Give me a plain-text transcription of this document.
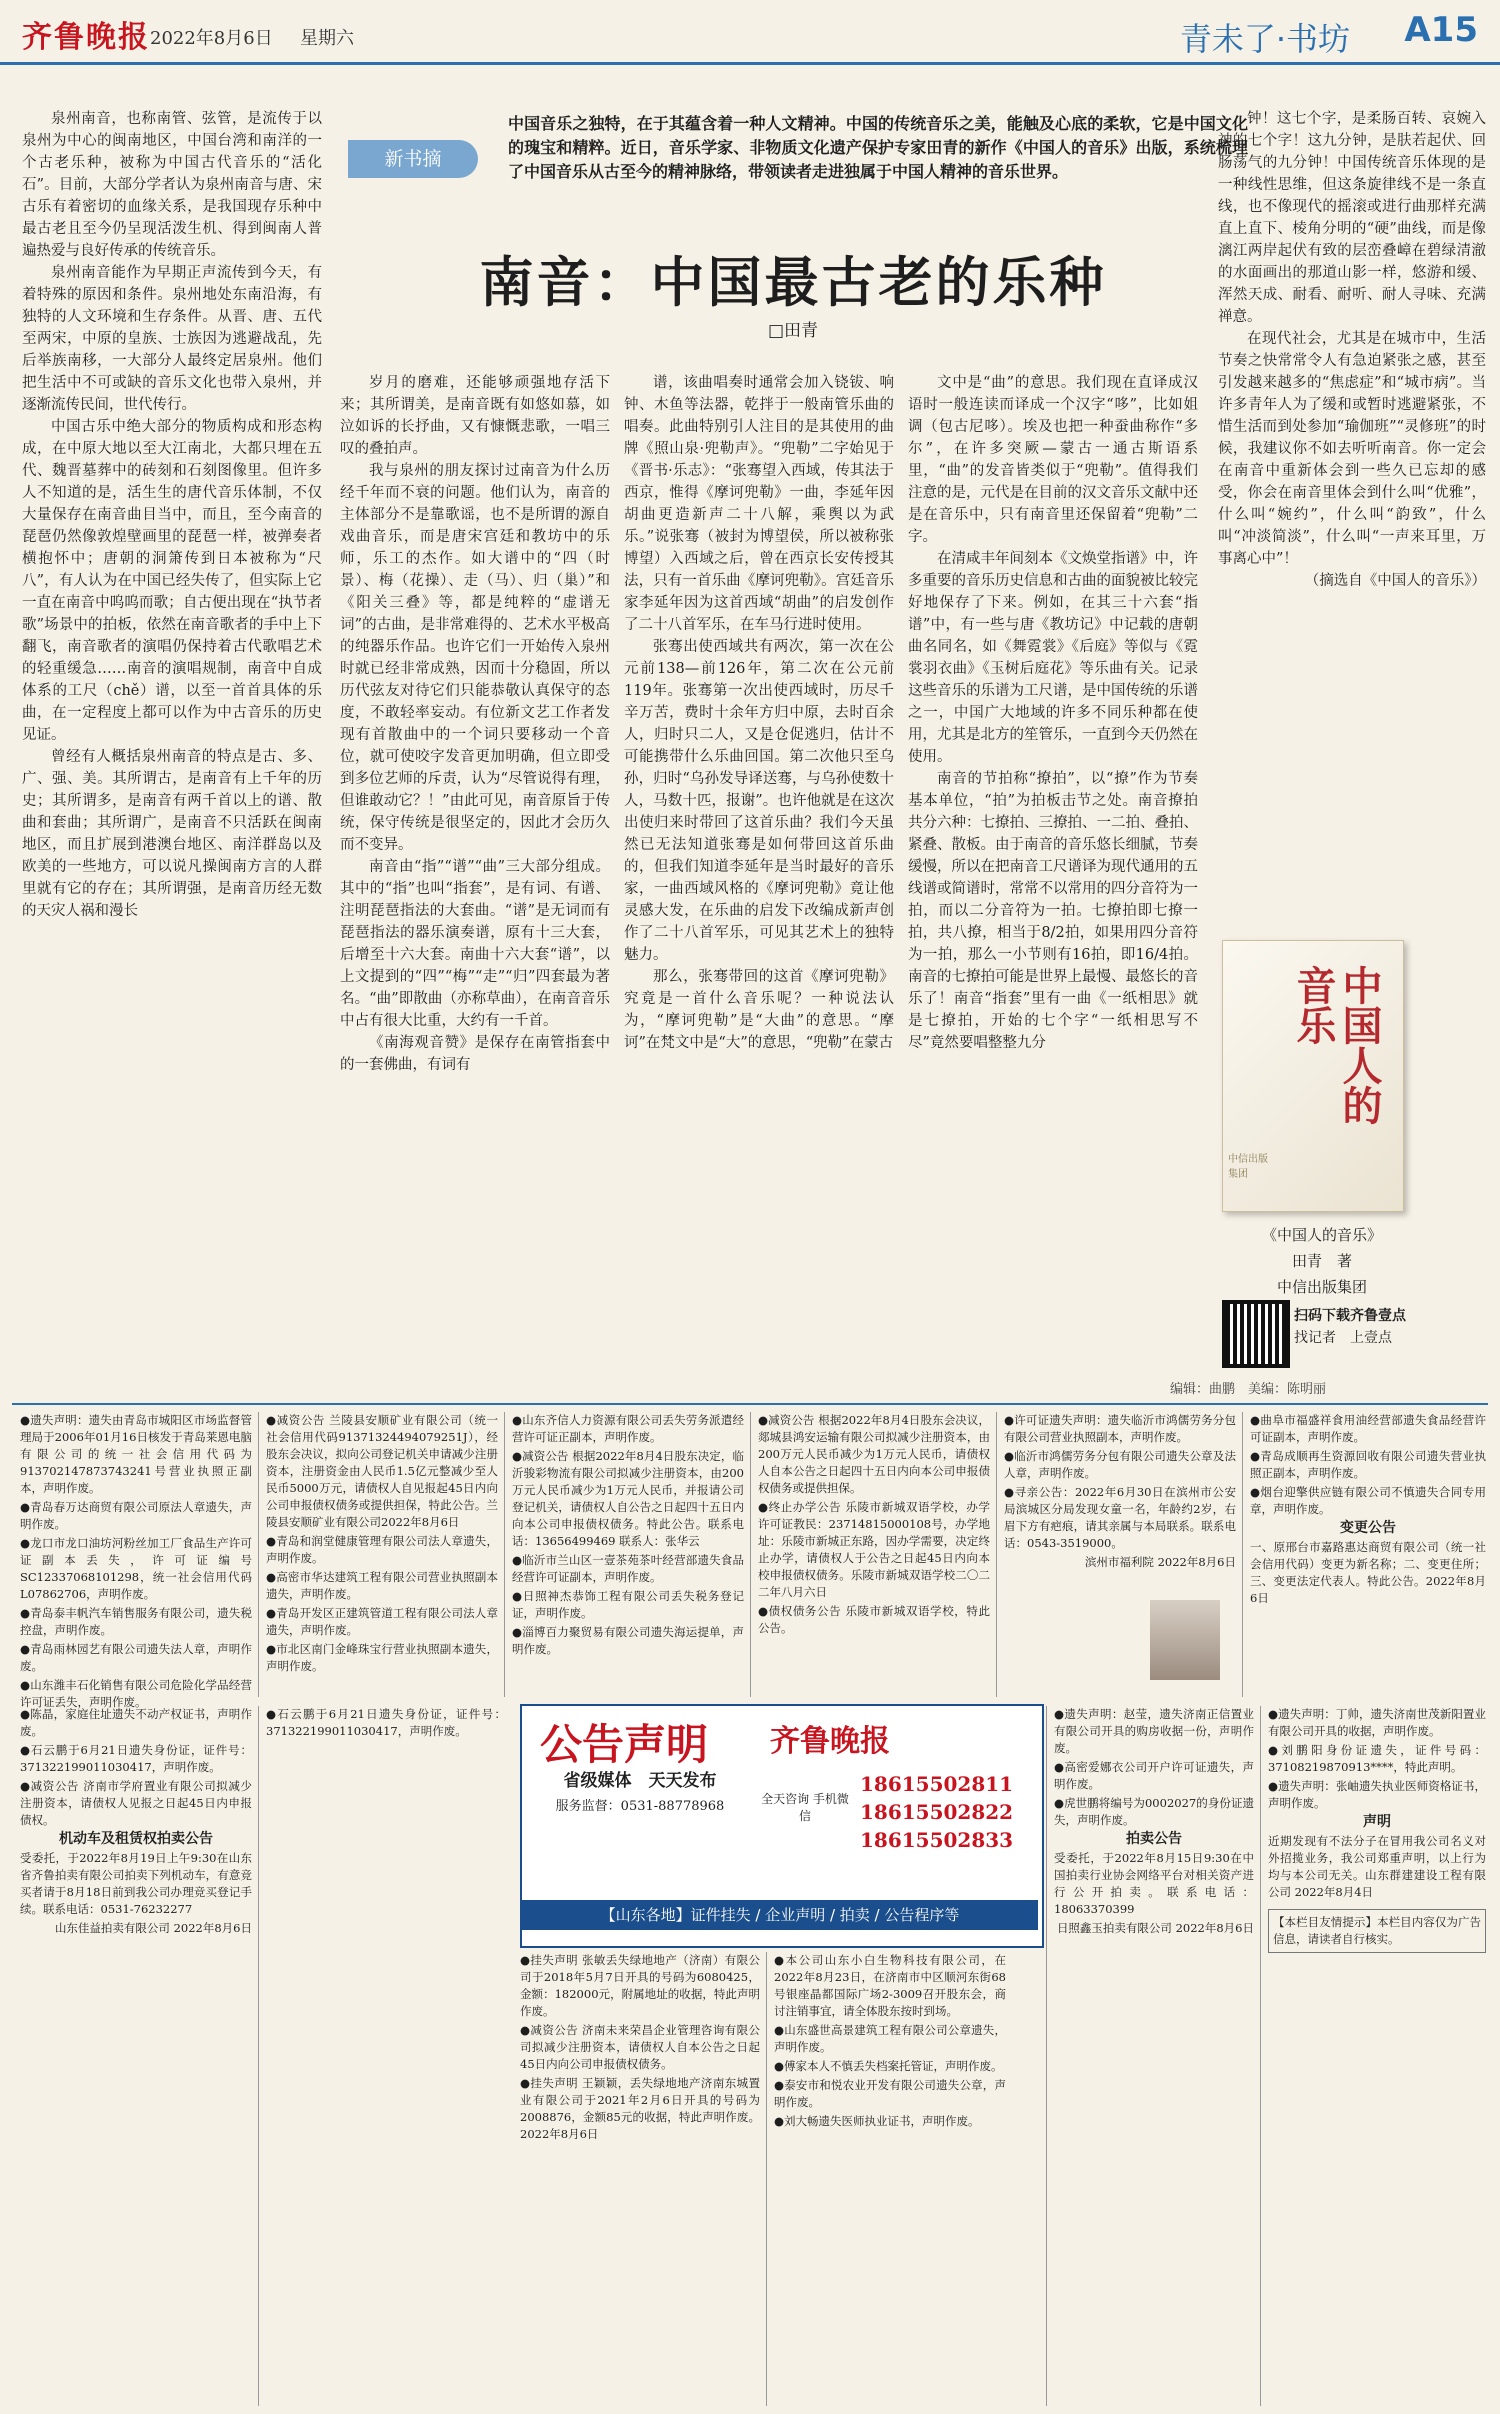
齐鲁晚报 2022年8月6日 星期六	青未了·书坊 A15
新书摘
中国音乐之独特，在于其蕴含着一种人文精神。中国的传统音乐之美，能触及心底的柔软，它是中国文化的瑰宝和精粹。近日，音乐学家、非物质文化遗产保护专家田青的新作《中国人的音乐》出版，系统梳理了中国音乐从古至今的精神脉络，带领读者走进独属于中国人精神的音乐世界。
南音：中国最古老的乐种
□田青

泉州南音，也称南管、弦管，是流传于以泉州为中心的闽南地区，中国台湾和南洋的一个古老乐种，被称为中国古代音乐的“活化石”。目前，大部分学者认为泉州南音与唐、宋古乐有着密切的血缘关系，是我国现存乐种中最古老且至今仍呈现活泼生机、得到闽南人普遍热爱与良好传承的传统音乐。

泉州南音能作为早期正声流传到今天，有着特殊的原因和条件。泉州地处东南沿海，有独特的人文环境和生存条件。从晋、唐、五代至两宋，中原的皇族、士族因为逃避战乱，先后举族南移，一大部分人最终定居泉州。他们把生活中不可或缺的音乐文化也带入泉州，并逐渐流传民间，世代传行。

中国古乐中绝大部分的物质构成和形态构成，在中原大地以至大江南北，大都只埋在五代、魏晋墓葬中的砖刻和石刻图像里。但许多人不知道的是，活生生的唐代音乐体制，不仅大量保存在南音曲目当中，而且，至今南音的琵琶仍然像敦煌壁画里的琵琶一样，被弹奏者横抱怀中；唐朝的洞箫传到日本被称为“尺八”，有人认为在中国已经失传了，但实际上它一直在南音中呜呜而歌；自古便出现在“执节者歌”场景中的拍板，依然在南音歌者的手中上下翻飞，南音歌者的演唱仍保持着古代歌唱艺术的轻重缓急……南音的演唱规制，南音中自成体系的工尺（chě）谱，以至一首首具体的乐曲，在一定程度上都可以作为中古音乐的历史见证。

曾经有人概括泉州南音的特点是古、多、广、强、美。其所谓古，是南音有上千年的历史；其所谓多，是南音有两千首以上的谱、散曲和套曲；其所谓广，是南音不只活跃在闽南地区，而且扩展到港澳台地区、南洋群岛以及欧美的一些地方，可以说凡操闽南方言的人群里就有它的存在；其所谓强，是南音历经无数的天灾人祸和漫长

岁月的磨难，还能够顽强地存活下来；其所谓美，是南音既有如悠如慕，如泣如诉的长抒曲，又有慷慨悲歌，一唱三叹的叠拍声。

我与泉州的朋友探讨过南音为什么历经千年而不衰的问题。他们认为，南音的主体部分不是靠歌谣，也不是所谓的源自戏曲音乐，而是唐宋宫廷和教坊中的乐师，乐工的杰作。如大谱中的“四（时景）、梅（花操）、走（马）、归（巢）”和《阳关三叠》等，都是纯粹的“虚谱无词”的古曲，是非常难得的、艺术水平极高的纯器乐作品。也许它们一开始传入泉州时就已经非常成熟，因而十分稳固，所以历代弦友对待它们只能恭敬认真保守的态度，不敢轻率妄动。有位新文艺工作者发现有首散曲中的一个词只要移动一个音位，就可使咬字发音更加明确，但立即受到多位艺师的斥责，认为“尽管说得有理，但谁敢动它？！”由此可见，南音原旨于传统，保守传统是很坚定的，因此才会历久而不变异。

南音由“指”“谱”“曲”三大部分组成。其中的“指”也叫“指套”，是有词、有谱、注明琵琶指法的大套曲。“谱”是无词而有琵琶指法的器乐演奏谱，原有十三大套，后增至十六大套。南曲十六大套“谱”，以上文提到的“四”“梅”“走”“归”四套最为著名。“曲”即散曲（亦称草曲），在南音音乐中占有很大比重，大约有一千首。

《南海观音赞》是保存在南管指套中的一套佛曲，有词有

谱，该曲唱奏时通常会加入铙钹、响钟、木鱼等法器，乾拌于一般南管乐曲的唱奏。此曲特别引人注目的是其使用的曲牌《照山泉·兜勒声》。“兜勒”二字始见于《晋书·乐志》：“张骞望入西域，传其法于西京，惟得《摩诃兜勒》一曲，李延年因胡曲更造新声二十八解，乘舆以为武乐。”说张骞（被封为博望侯，所以被称张博望）入西域之后，曾在西京长安传授其法，只有一首乐曲《摩诃兜勒》。宫廷音乐家李延年因为这首西域“胡曲”的启发创作了二十八首军乐，在车马行进时使用。

张骞出使西域共有两次，第一次在公元前138—前126年，第二次在公元前119年。张骞第一次出使西域时，历尽千辛万苦，费时十余年方归中原，去时百余人，归时只二人，又是仓促逃归，估计不可能携带什么乐曲回国。第二次他只至乌孙，归时“乌孙发导译送骞，与乌孙使数十人，马数十匹，报谢”。也许他就是在这次出使归来时带回了这首乐曲？我们今天虽然已无法知道张骞是如何带回这首乐曲的，但我们知道李延年是当时最好的音乐家，一曲西域风格的《摩诃兜勒》竟让他灵感大发，在乐曲的启发下改编成新声创作了二十八首军乐，可见其艺术上的独特魅力。

那么，张骞带回的这首《摩诃兜勒》究竟是一首什么音乐呢？一种说法认为，“摩诃兜勒”是“大曲”的意思。“摩诃”在梵文中是“大”的意思，“兜勒”在蒙古

文中是“曲”的意思。我们现在直译成汉语时一般连读而译成一个汉字“哆”，比如姐调（包古尼哆）。埃及也把一种蚕曲称作“多尔”，在许多突厥—蒙古一通古斯语系里，“曲”的发音皆类似于“兜勒”。值得我们注意的是，元代是在目前的汉文音乐文献中还是在音乐中，只有南音里还保留着“兜勒”二字。

在清咸丰年间刻本《文焕堂指谱》中，许多重要的音乐历史信息和古曲的面貌被比较完好地保存了下来。例如，在其三十六套“指谱”中，有一些与唐《教坊记》中记载的唐朝曲名同名，如《舞霓裳》《后庭》等似与《霓裳羽衣曲》《玉树后庭花》等乐曲有关。记录这些音乐的乐谱为工尺谱，是中国传统的乐谱之一，中国广大地域的许多不同乐种都在使用，尤其是北方的笙管乐，一直到今天仍然在使用。

南音的节拍称“撩拍”，以“撩”作为节奏基本单位，“拍”为拍板击节之处。南音撩拍共分六种：七撩拍、三撩拍、一二拍、叠拍、紧叠、散板。由于南音的音乐悠长细腻，节奏缓慢，所以在把南音工尺谱译为现代通用的五线谱或简谱时，常常不以常用的四分音符为一拍，而以二分音符为一拍。七撩拍即七撩一拍，共八撩，相当于8/2拍，如果用四分音符为一拍，那么一小节则有16拍，即16/4拍。南音的七撩拍可能是世界上最慢、最悠长的音乐了！南音“指套”里有一曲《一纸相思》就是七撩拍，开始的七个字“一纸相思写不尽”竟然要唱整整九分

钟！这七个字，是柔肠百转、哀婉入神的七个字！这九分钟，是肤若起伏、回肠荡气的九分钟！中国传统音乐体现的是一种线性思维，但这条旋律线不是一条直线，也不像现代的摇滚或进行曲那样充满直上直下、棱角分明的“硬”曲线，而是像漓江两岸起伏有致的层峦叠嶂在碧绿清澈的水面画出的那道山影一样，悠游和缓、浑然天成、耐看、耐听、耐人寻味、充满禅意。

在现代社会，尤其是在城市中，生活节奏之快常常令人有急迫紧张之感，甚至引发越来越多的“焦虑症”和“城市病”。当许多青年人为了缓和或暂时逃避紧张，不惜生活而到处参加“瑜伽班”“灵修班”的时候，我建议你不如去听听南音。你一定会在南音中重新体会到一些久已忘却的感受，你会在南音里体会到什么叫“优雅”，什么叫“婉约”，什么叫“韵致”，什么叫“冲淡简淡”，什么叫“一声来耳里，万事离心中”！

（摘选自《中国人的音乐》）

中国人的音乐
中信出版集团
《中国人的音乐》
田青　著
中信出版集团
扫码下载齐鲁壹点
找记者　上壹点
编辑：曲鹏　美编：陈明丽

●遗失声明：遗失由青岛市城阳区市场监督管理局于2006年01月16日核发于青岛莱恩电脑有限公司的统一社会信用代码为913702147873743241号营业执照正副本，声明作废。

●青岛春万达商贸有限公司原法人章遗失，声明作废。

●龙口市龙口油坊河粉丝加工厂食品生产许可证副本丢失，许可证编号SC12337068101298，统一社会信用代码L07862706，声明作废。

●青岛泰丰帆汽车销售服务有限公司，遗失税控盘，声明作废。

●青岛雨林园艺有限公司遗失法人章，声明作废。

●山东潍丰石化销售有限公司危险化学品经营许可证丢失，声明作废。

●减资公告 兰陵县安顺矿业有限公司（统一社会信用代码91371324494079251J），经股东会决议，拟向公司登记机关申请减少注册资本，注册资金由人民币1.5亿元整减少至人民币5000万元，请债权人自见报起45日内向公司申报债权债务或提供担保，特此公告。兰陵县安顺矿业有限公司2022年8月6日

●青岛和润堂健康管理有限公司法人章遗失，声明作废。

●高密市华达建筑工程有限公司营业执照副本遗失，声明作废。

●青岛开发区正建筑管道工程有限公司法人章遗失，声明作废。

●市北区南门金峰珠宝行营业执照副本遗失，声明作废。

●山东齐信人力资源有限公司丢失劳务派遣经营许可证正副本，声明作废。

●减资公告 根据2022年8月4日股东决定，临沂骏彩物流有限公司拟减少注册资本，由200万元人民币减少为1万元人民币，并报请公司登记机关，请债权人自公告之日起四十五日内向本公司申报债权债务。特此公告。联系电话：13656499469 联系人：张华云

●临沂市兰山区一壹茶苑茶叶经营部遗失食品经营许可证副本，声明作废。

●日照神杰恭饰工程有限公司丢失税务登记证，声明作废。

●淄博百力聚贸易有限公司遗失海运提单，声明作废。

●减资公告 根据2022年8月4日股东会决议，郯城县鸿安运输有限公司拟减少注册资本，由200万元人民币减少为1万元人民币，请债权人自本公告之日起四十五日内向本公司申报债权债务或提供担保。

●终止办学公告 乐陵市新城双语学校，办学许可证教民：23714815000108号，办学地址：乐陵市新城正东路，因办学需要，决定终止办学，请债权人于公告之日起45日内向本校申报债权债务。乐陵市新城双语学校二〇二二年八月六日

●债权债务公告 乐陵市新城双语学校，特此公告。

●许可证遗失声明：遗失临沂市鸿儒劳务分包有限公司营业执照副本，声明作废。

●临沂市鸿儒劳务分包有限公司遗失公章及法人章，声明作废。

●寻亲公告：2022年6月30日在滨州市公安局滨城区分局发现女童一名，年龄约2岁，右眉下方有疤痕，请其亲属与本局联系。联系电话：0543-3519000。

滨州市福利院 2022年8月6日

●曲阜市福盛祥食用油经营部遗失食品经营许可证副本，声明作废。

●青岛成顺再生资源回收有限公司遗失营业执照正副本，声明作废。

●烟台迎擎供应链有限公司不慎遗失合同专用章，声明作废。

变更公告

一、原邢台市嘉路惠达商贸有限公司（统一社会信用代码）变更为新名称；二、变更住所；三、变更法定代表人。特此公告。2022年8月6日

●陈晶，家庭住址遗失不动产权证书，声明作废。

●石云鹏于6月21日遗失身份证，证件号：371322199011030417，声明作废。

●减资公告 济南市学府置业有限公司拟减少注册资本，请债权人见报之日起45日内申报债权。

机动车及租赁权拍卖公告

受委托，于2022年8月19日上午9:30在山东省齐鲁拍卖有限公司拍卖下列机动车，有意竞买者请于8月18日前到我公司办理竞买登记手续。联系电话：0531-76232277

山东佳益拍卖有限公司 2022年8月6日

公告声明 齐鲁晚报
省级媒体　天天发布
服务监督：0531-88778968	全天咨询 手机微信
18615502811
18615502822
18615502833
【山东各地】证件挂失 / 企业声明 / 拍卖 / 公告程序等

●石云鹏于6月21日遗失身份证，证件号：371322199011030417，声明作废。

●挂失声明 张敏丢失绿地地产（济南）有限公司于2018年5月7日开具的号码为6080425，金额：182000元，附属地址的收据，特此声明作废。

●减资公告 济南未来荣昌企业管理咨询有限公司拟减少注册资本，请债权人自本公告之日起45日内向公司申报债权债务。

●挂失声明 王颖颖，丢失绿地地产济南东城置业有限公司于2021年2月6日开具的号码为2008876，金额85元的收据，特此声明作废。2022年8月6日

●本公司山东小白生物科技有限公司，在2022年8月23日，在济南市中区顺河东街68号银座晶都国际广场2-3009召开股东会，商讨注销事宜，请全体股东按时到场。

●山东盛世高景建筑工程有限公司公章遗失，声明作废。

●傅家本人不慎丢失档案托管证，声明作废。

●泰安市和悦农业开发有限公司遗失公章，声明作废。

●刘大畅遗失医师执业证书，声明作废。

●遗失声明：赵莹，遗失济南正信置业有限公司开具的购房收据一份，声明作废。

●高密爱娜衣公司开户许可证遗失，声明作废。

●虎世鹏将编号为0002027的身份证遗失，声明作废。

拍卖公告

受委托，于2022年8月15日9:30在中国拍卖行业协会网络平台对相关资产进行公开拍卖。联系电话：18063370399

日照鑫玉拍卖有限公司 2022年8月6日

●遗失声明：丁帅，遗失济南世茂新阳置业有限公司开具的收据，声明作废。

●刘鹏阳身份证遗失，证件号码：37108219870913****，特此声明。

●遗失声明：张岫遗失执业医师资格证书，声明作废。

声明

近期发现有不法分子在冒用我公司名义对外招揽业务，我公司郑重声明，以上行为均与本公司无关。山东群建建设工程有限公司 2022年8月4日

【本栏目友情提示】本栏目内容仅为广告信息，请读者自行核实。
